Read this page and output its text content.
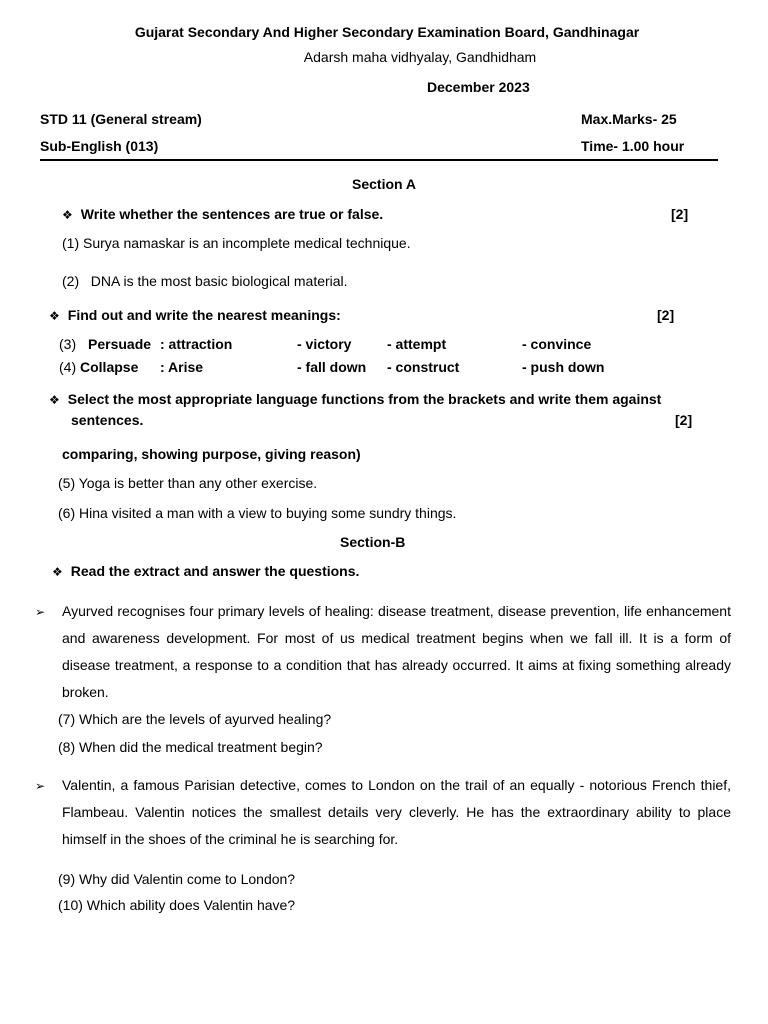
Gujarat Secondary And Higher Secondary Examination Board, Gandhinagar
Adarsh maha vidhyalay, Gandhidham
December 2023
STD 11 (General stream)	Max.Marks- 25
Sub-English (013)	Time- 1.00 hour
Section A
❖ Write whether the sentences are true or false.	[2]
(1) Surya namaskar is an incomplete medical technique.
(2)   DNA is the most basic biological material.
❖ Find out and write the nearest meanings:	[2]
(3) Persuade : attraction	- victory	- attempt	- convince
(4) Collapse : Arise	- fall down - construct	- push down
❖ Select the most appropriate language functions from the brackets and write them against
sentences.	[2]
comparing, showing purpose, giving reason)
(5) Yoga is better than any other exercise.
(6) Hina visited a man with a view to buying some sundry things.
Section-B
❖ Read the extract and answer the questions.
➢ Ayurved recognises four primary levels of healing: disease treatment, disease prevention, life enhancement and awareness development. For most of us medical treatment begins when we fall ill. It is a form of disease treatment, a response to a condition that has already occurred. It aims at fixing something already broken.
(7) Which are the levels of ayurved healing?
(8) When did the medical treatment begin?
➢ Valentin, a famous Parisian detective, comes to London on the trail of an equally - notorious French thief, Flambeau. Valentin notices the smallest details very cleverly. He has the extraordinary ability to place himself in the shoes of the criminal he is searching for.
(9) Why did Valentin come to London?
(10) Which ability does Valentin have?
